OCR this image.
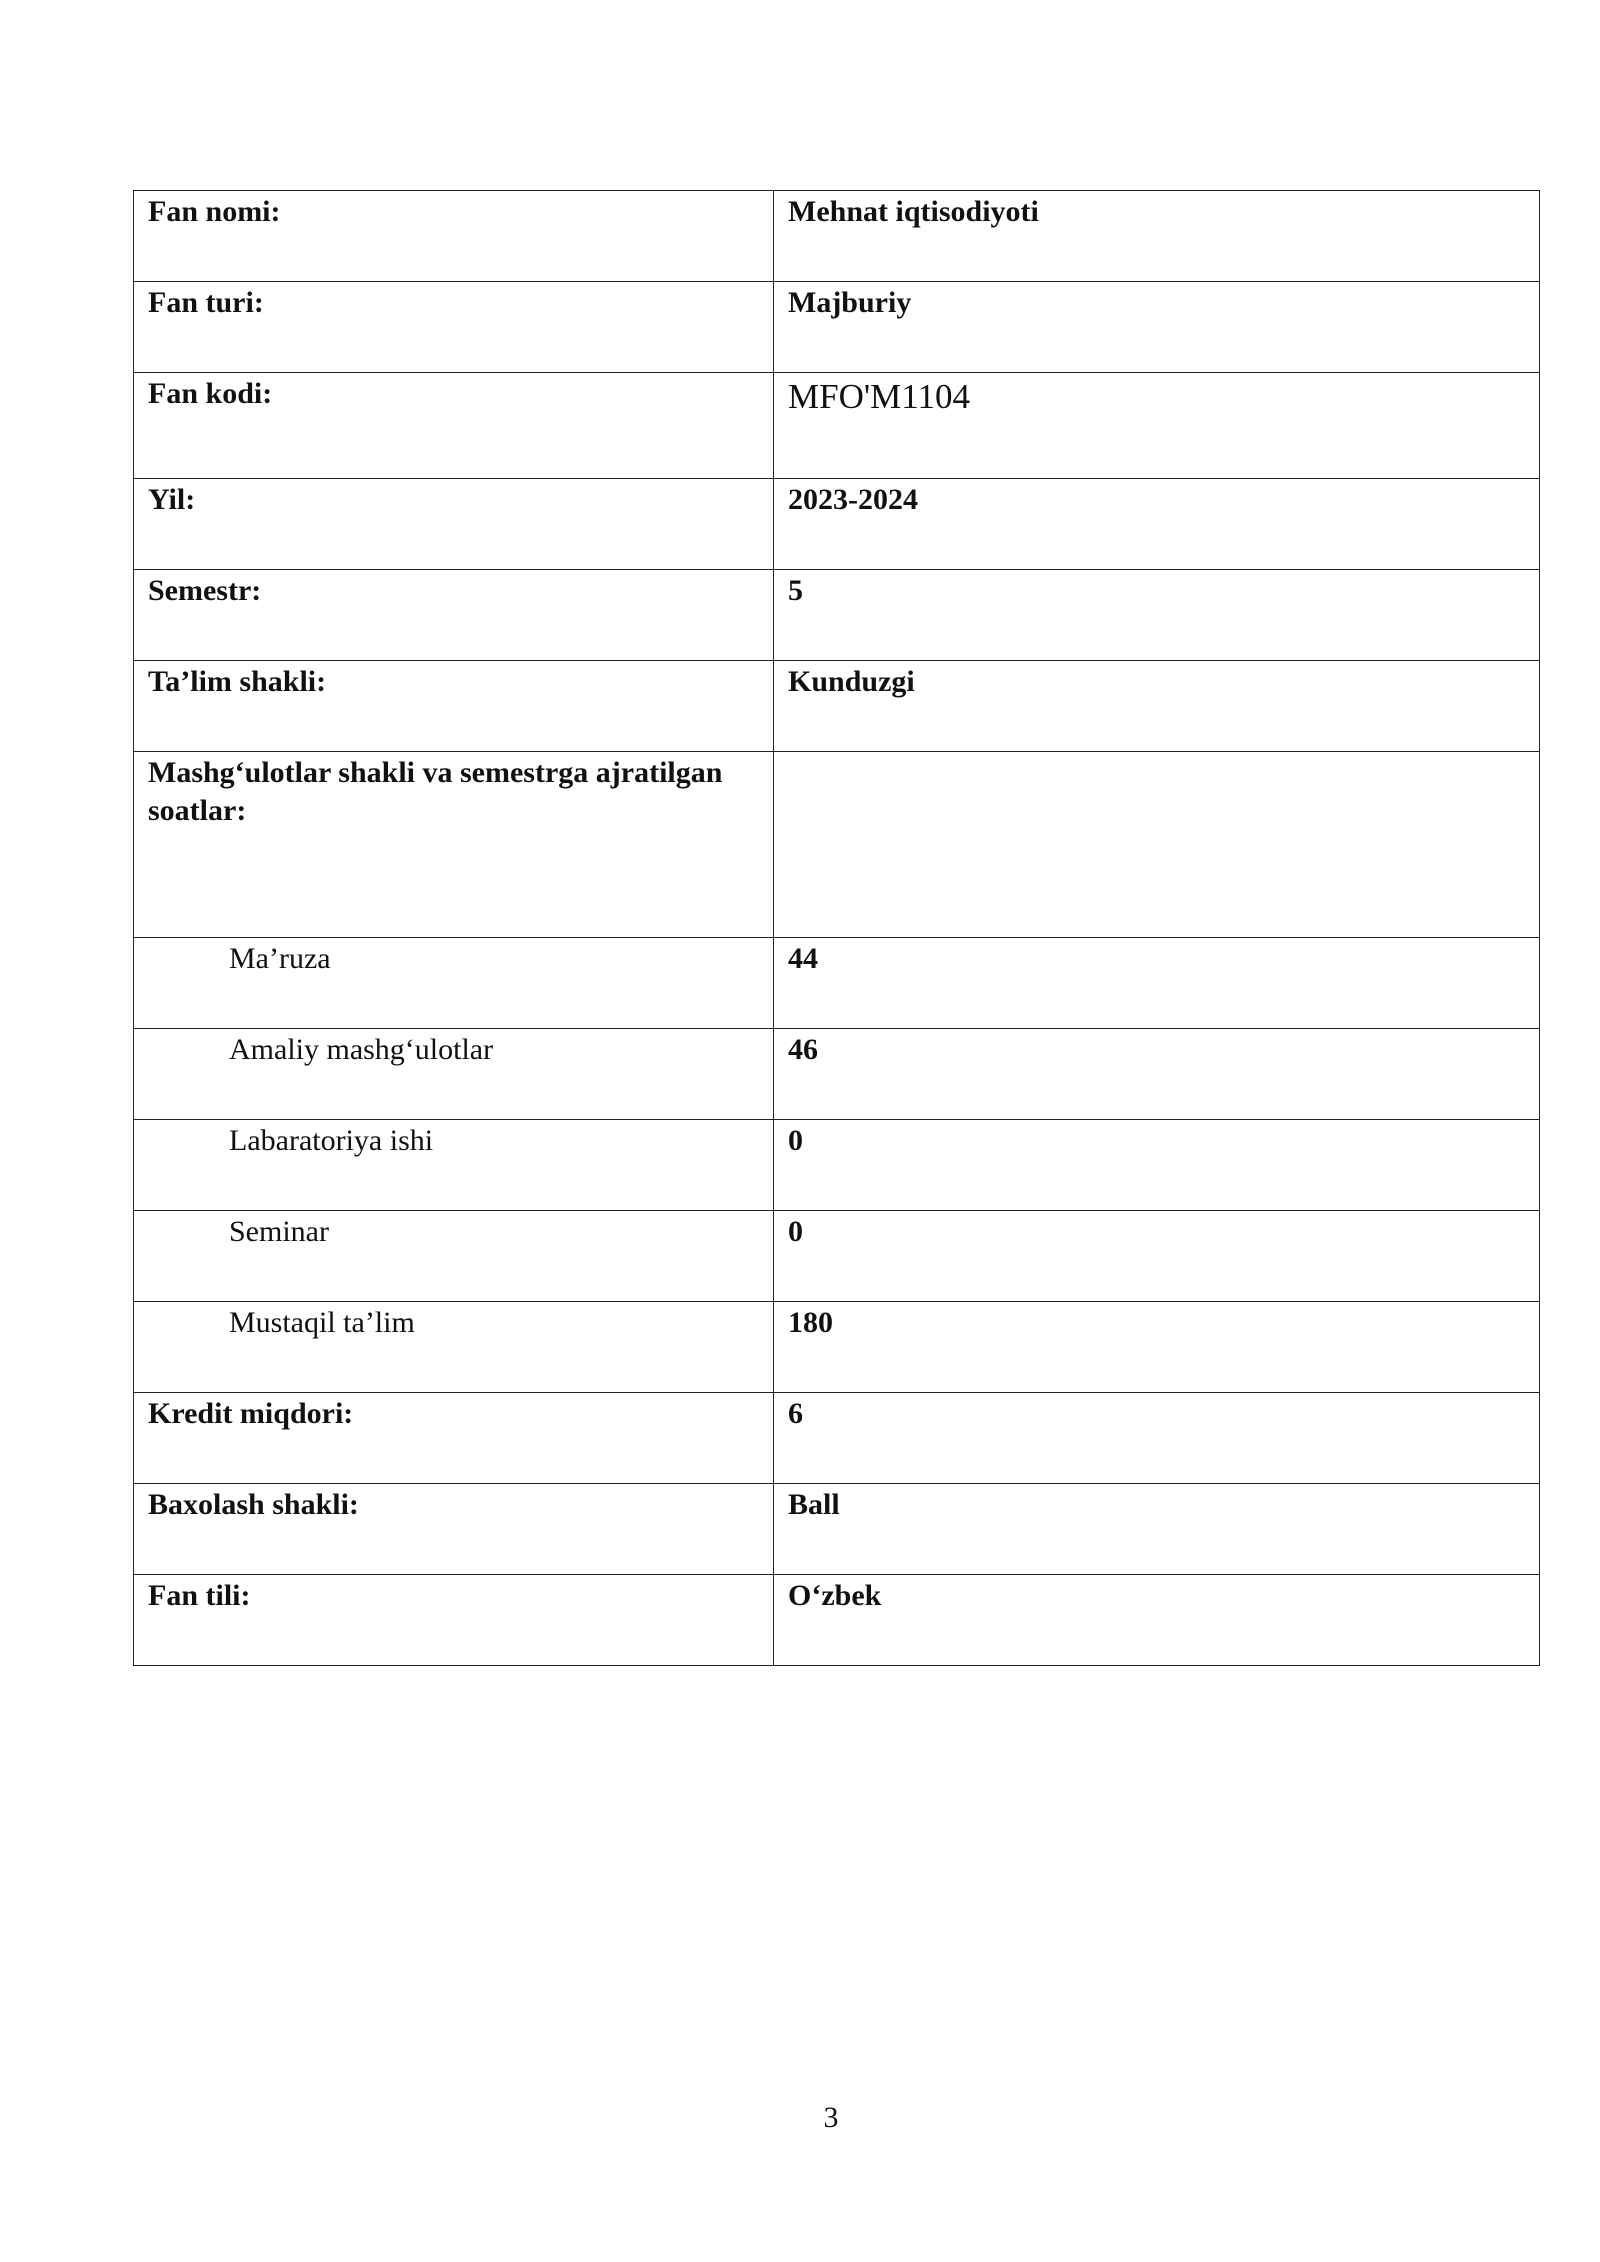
Fan nomi:	Mehnat iqtisodiyoti

Fan turi:	Majburiy

Fan kodi:	MFO'M1104

Yil:	2023-2024

Semestr:	5

Ta’lim shakli:	Kunduzgi

Mashg‘ulotlar shakli va semestrga ajratilgan soatlar:	

Ma’ruza	44

Amaliy mashg‘ulotlar	46

Labaratoriya ishi	0

Seminar	0

Mustaqil ta’lim	180

Kredit miqdori:	6

Baxolash shakli:	Ball

Fan tili:	O‘zbek
3
